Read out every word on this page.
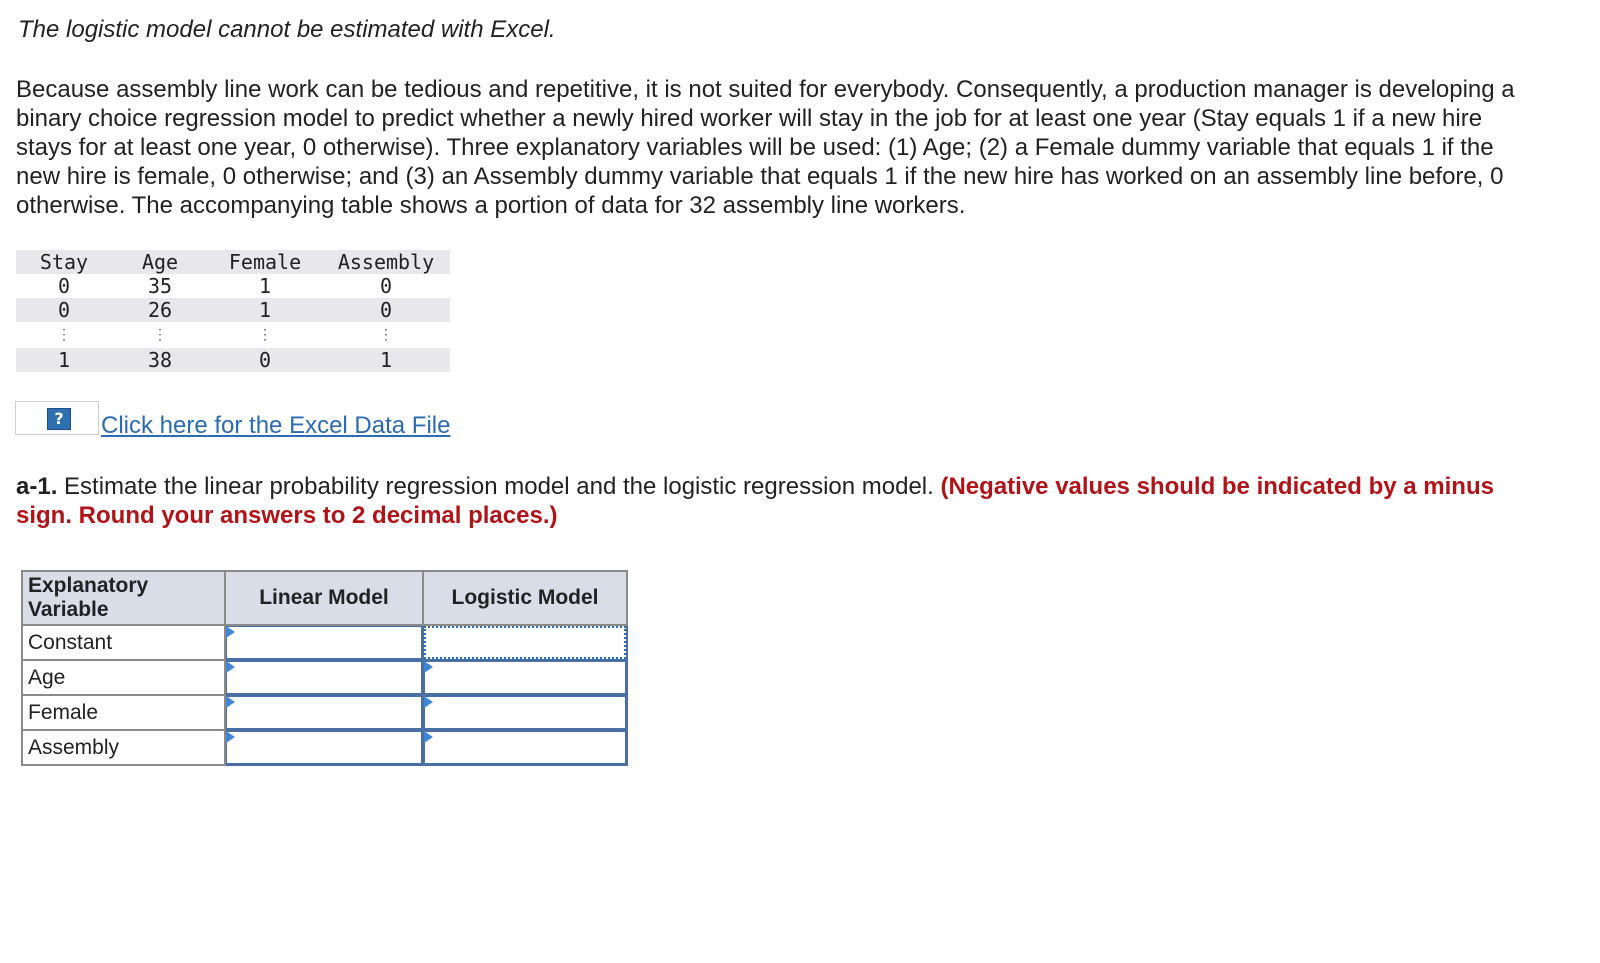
The logistic model cannot be estimated with Excel.

Because assembly line work can be tedious and repetitive, it is not suited for everybody. Consequently, a production manager is developing a binary choice regression model to predict whether a newly hired worker will stay in the job for at least one year (Stay equals 1 if a new hire stays for at least one year, 0 otherwise). Three explanatory variables will be used: (1) Age; (2) a Female dummy variable that equals 1 if the new hire is female, 0 otherwise; and (3) an Assembly dummy variable that equals 1 if the new hire has worked on an assembly line before, 0 otherwise. The accompanying table shows a portion of data for 32 assembly line workers.

Stay	Age	Female	Assembly
0	35	1	0
0	26	1	0
⋮	⋮	⋮	⋮
1	38	0	1
?	Click here for the Excel Data File

a-1. Estimate the linear probability regression model and the logistic regression model. (Negative values should be indicated by a minus sign. Round your answers to 2 decimal places.)

Explanatory
Variable	Linear Model	Logistic Model
Constant	

Age	

Female	

Assembly	
